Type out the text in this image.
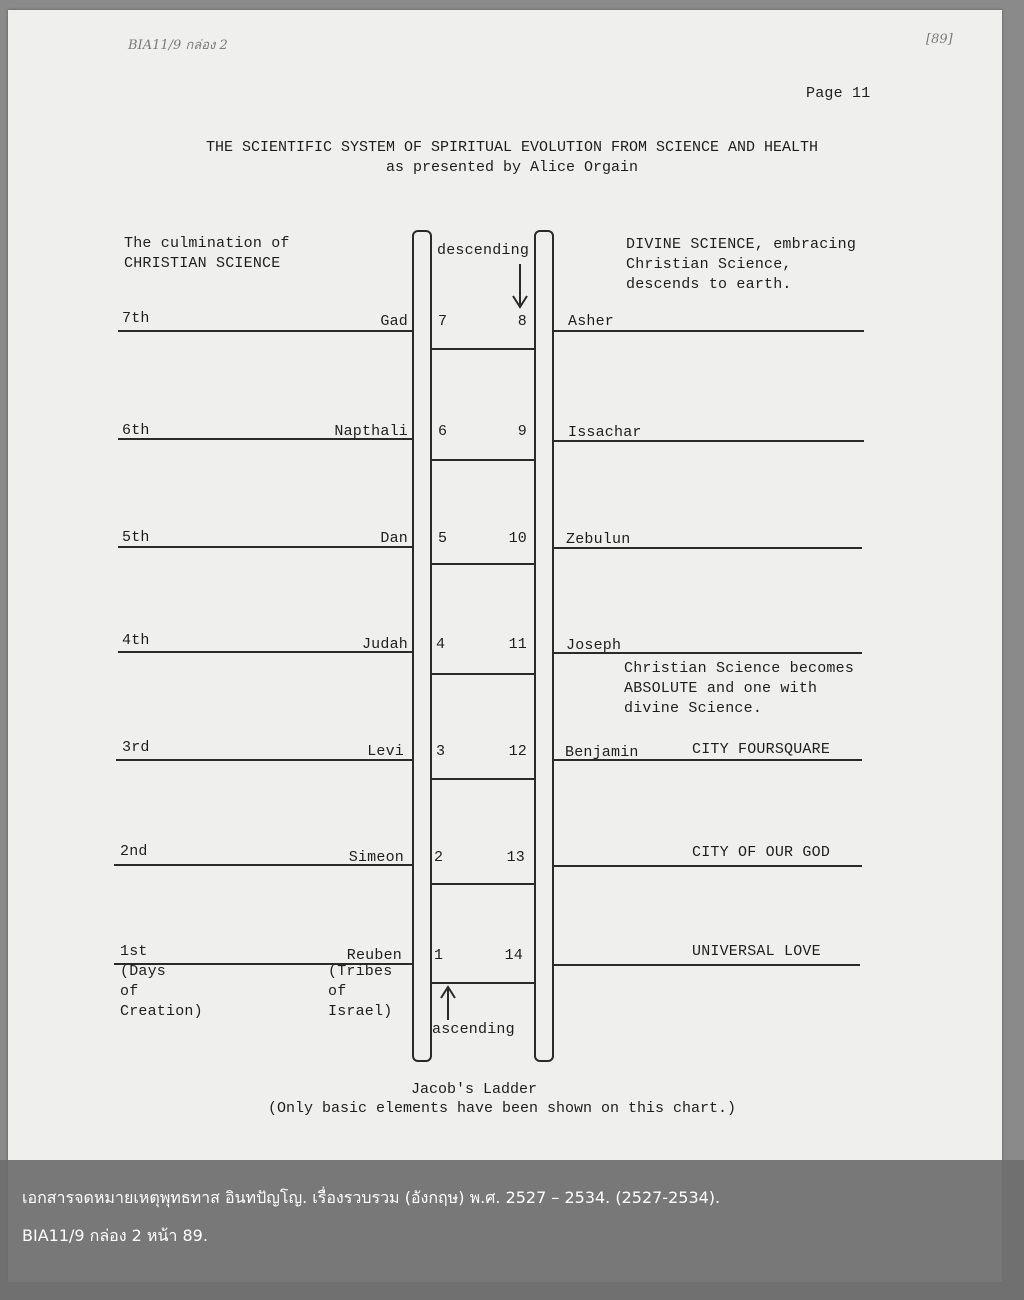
BIA11/9 กล่อง 2	[89]
Page 11
THE SCIENTIFIC SYSTEM OF SPIRITUAL EVOLUTION FROM SCIENCE AND HEALTH
as presented by Alice Orgain
The culmination of
CHRISTIAN SCIENCE
DIVINE SCIENCE, embracing
Christian Science,
descends to earth.
Christian Science becomes
ABSOLUTE and one with
divine Science.
descending
ascending
7th	Gad 7	8	Asher
6th	Napthali 6	9	Issachar
5th	Dan 5	10	Zebulun
4th	Judah 4	11	Joseph
3rd	Levi 3	12	Benjamin	CITY FOURSQUARE
2nd	Simeon 2	13	CITY OF OUR GOD
1st	Reuben 1	14	UNIVERSAL LOVE
(Days
of
Creation)
(Tribes
of
Israel)
Jacob's Ladder
(Only basic elements have been shown on this chart.)
เอกสารจดหมายเหตุพุทธทาส อินทปัญโญ. เรื่องรวบรวม (อังกฤษ) พ.ศ. 2527 – 2534. (2527-2534).
BIA11/9 กล่อง 2 หน้า 89.
